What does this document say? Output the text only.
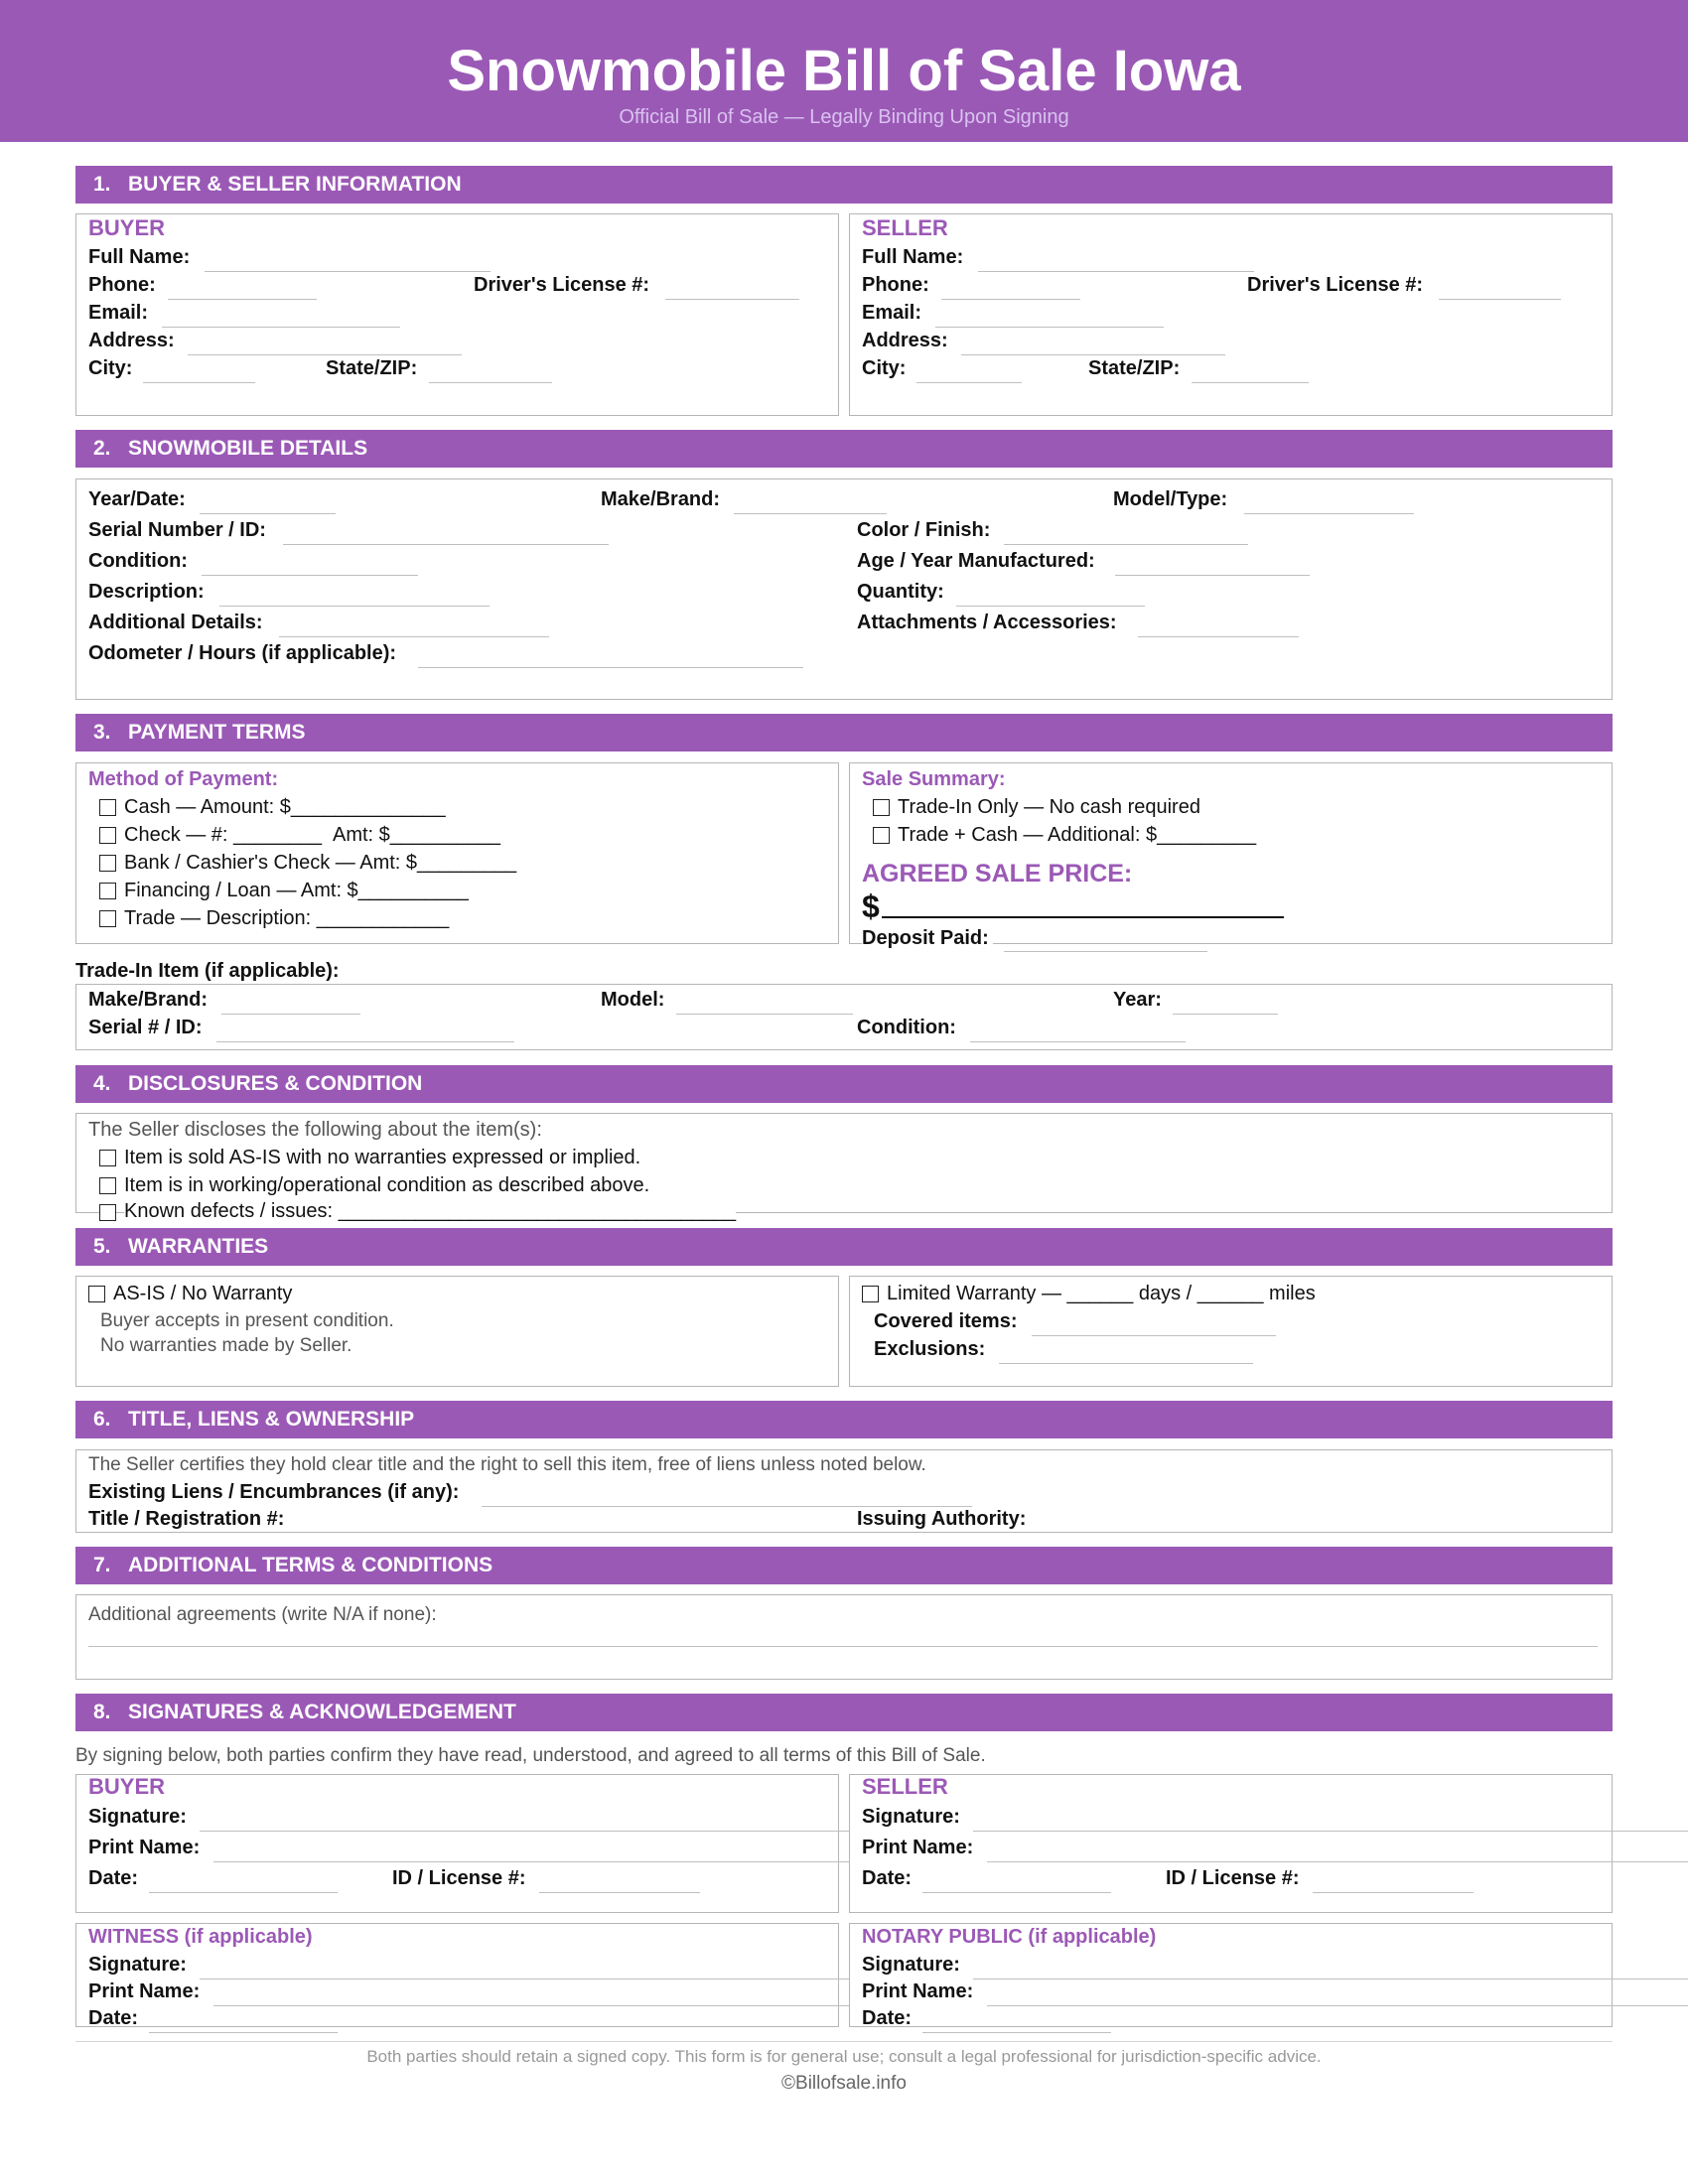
Snowmobile Bill of Sale Iowa
Official Bill of Sale — Legally Binding Upon Signing
1. BUYER & SELLER INFORMATION
BUYER
Full Name:
Phone:	Driver's License #:
Email:
Address:
City:	State/ZIP:
SELLER
Full Name:
Phone:	Driver's License #:
Email:
Address:
City:	State/ZIP:
2. SNOWMOBILE DETAILS
Year/Date:	Make/Brand:	Model/Type:
Serial Number / ID:	Color / Finish:
Condition:	Age / Year Manufactured:
Description:	Quantity:
Additional Details:	Attachments / Accessories:
Odometer / Hours (if applicable):
3. PAYMENT TERMS
Method of Payment:
Cash — Amount: $______________
Check — #: ________ Amt: $__________
Bank / Cashier's Check — Amt: $_________
Financing / Loan — Amt: $__________
Trade — Description: ____________
Sale Summary:
Trade-In Only — No cash required
Trade + Cash — Additional: $_________
AGREED SALE PRICE:
$
Deposit Paid:
Trade-In Item (if applicable):
Make/Brand:	Model:	Year:
Serial # / ID:	Condition:
4. DISCLOSURES & CONDITION
The Seller discloses the following about the item(s):
Item is sold AS-IS with no warranties expressed or implied.
Item is in working/operational condition as described above.
Known defects / issues: ____________________________________
5. WARRANTIES
AS-IS / No Warranty
Buyer accepts in present condition.
No warranties made by Seller.
Limited Warranty — ______ days / ______ miles
Covered items:
Exclusions:
6. TITLE, LIENS & OWNERSHIP
The Seller certifies they hold clear title and the right to sell this item, free of liens unless noted below.
Existing Liens / Encumbrances (if any):
Title / Registration #:	Issuing Authority:
7. ADDITIONAL TERMS & CONDITIONS
Additional agreements (write N/A if none):
8. SIGNATURES & ACKNOWLEDGEMENT
By signing below, both parties confirm they have read, understood, and agreed to all terms of this Bill of Sale.
BUYER
Signature:
Print Name:
Date:	ID / License #:
SELLER
Signature:
Print Name:
Date:	ID / License #:
WITNESS (if applicable)
Signature:
Print Name:
Date:
NOTARY PUBLIC (if applicable)
Signature:
Print Name:
Date:
Both parties should retain a signed copy. This form is for general use; consult a legal professional for jurisdiction-specific advice.
©Billofsale.info
